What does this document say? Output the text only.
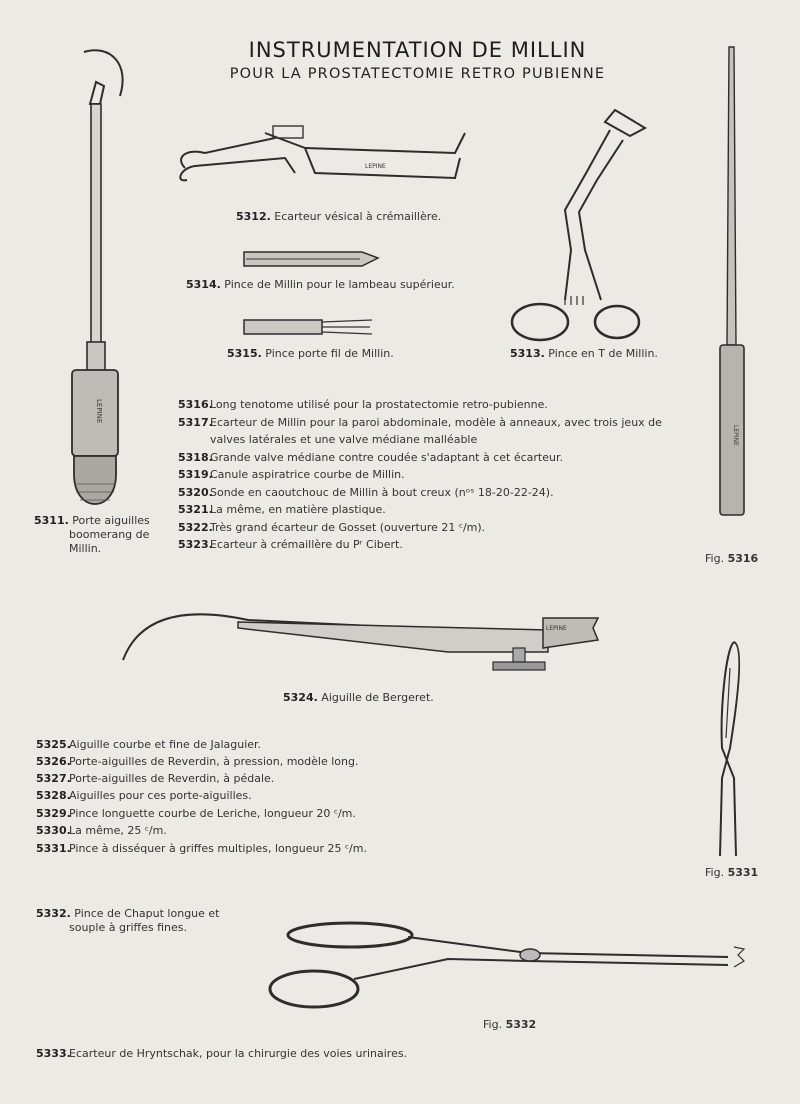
INSTRUMENTATION DE MILLIN
POUR LA PROSTATECTOMIE RETRO PUBIENNE
LEPINE
5311. Porte aiguilles
boomerang de
Millin.
LEPINE
5312. Ecarteur vésical à crémaillère.
5314. Pince de Millin pour le lambeau supérieur.
5315. Pince porte fil de Millin.	5313. Pince en T de Millin.
LEPINE
Fig. 5316
5316.Long tenotome utilisé pour la prostatectomie retro-pubienne.
5317.Ecarteur de Millin pour la paroi abdominale, modèle à anneaux, avec trois jeux de
valves latérales et une valve médiane malléable
5318.Grande valve médiane contre coudée s'adaptant à cet écarteur.
5319.Canule aspiratrice courbe de Millin.
5320.Sonde en caoutchouc de Millin à bout creux (nᵒˢ 18-20-22-24).
5321.La même, en matière plastique.
5322.Très grand écarteur de Gosset (ouverture 21 ᶜ/m).
5323.Ecarteur à crémaillère du Pʳ Cibert.
LEPINE
5324. Aiguille de Bergeret.
Fig. 5331
5325.Aiguille courbe et fine de Jalaguier.
5326.Porte-aiguilles de Reverdin, à pression, modèle long.
5327.Porte-aiguilles de Reverdin, à pédale.
5328.Aiguilles pour ces porte-aiguilles.
5329.Pince longuette courbe de Leriche, longueur 20 ᶜ/m.
5330.La même, 25 ᶜ/m.
5331.Pince à disséquer à griffes multiples, longueur 25 ᶜ/m.
5332. Pince de Chaput longue et
souple à griffes fines.
Fig. 5332
5333.Ecarteur de Hryntschak, pour la chirurgie des voies urinaires.
